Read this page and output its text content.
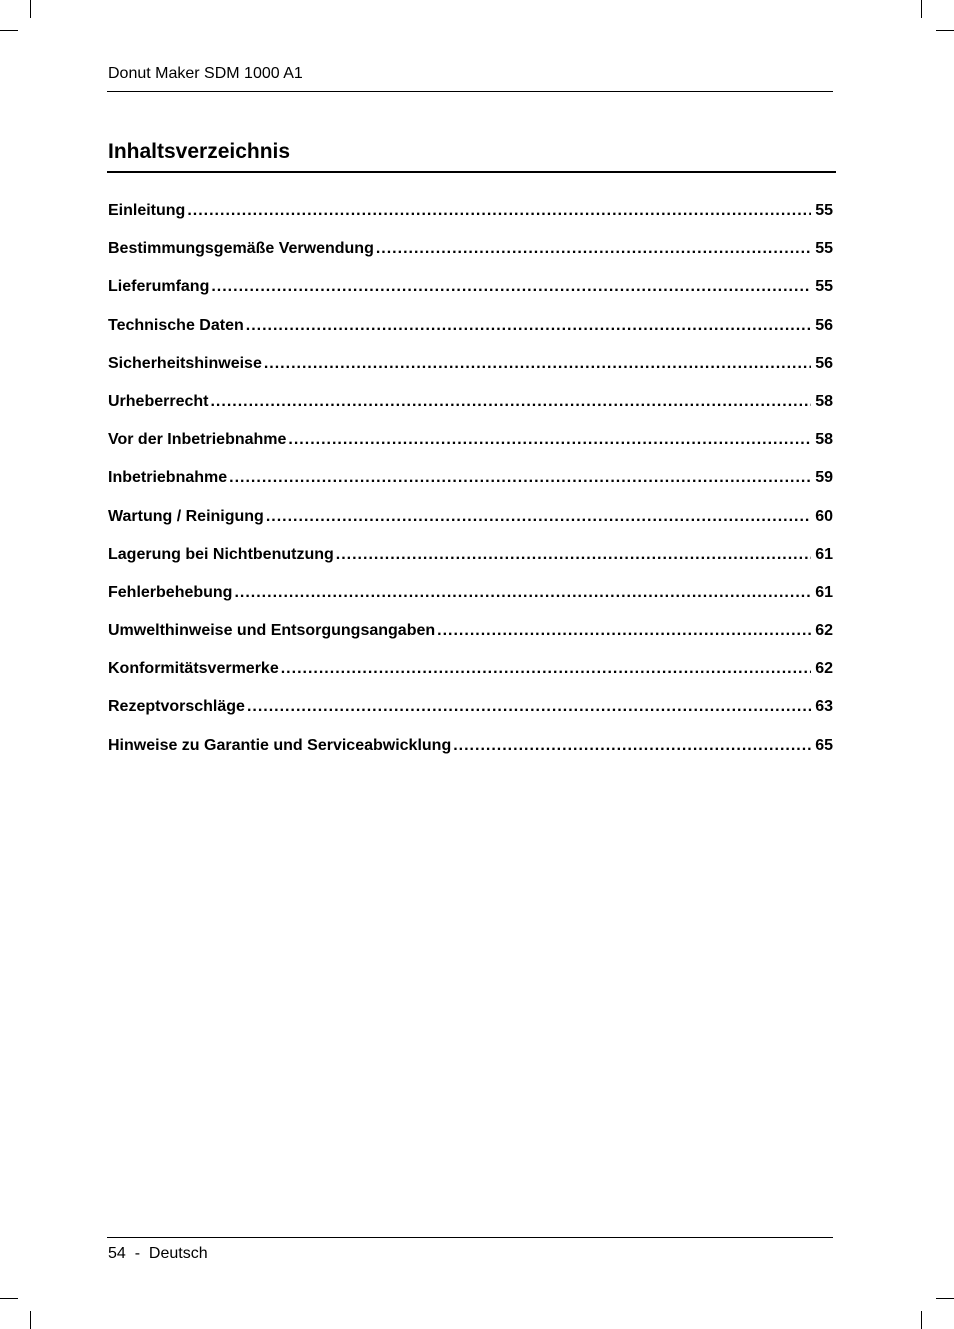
Donut Maker SDM 1000 A1
Inhaltsverzeichnis
Einleitung .....	55
Bestimmungsgemäße Verwendung .....	55
Lieferumfang .....	55
Technische Daten .....	56
Sicherheitshinweise .....	56
Urheberrecht .....	58
Vor der Inbetriebnahme .....	58
Inbetriebnahme .....	59
Wartung / Reinigung .....	60
Lagerung bei Nichtbenutzung .....	61
Fehlerbehebung .....	61
Umwelthinweise und Entsorgungsangaben .....	62
Konformitätsvermerke .....	62
Rezeptvorschläge .....	63
Hinweise zu Garantie und Serviceabwicklung .....	65
54 - Deutsch
